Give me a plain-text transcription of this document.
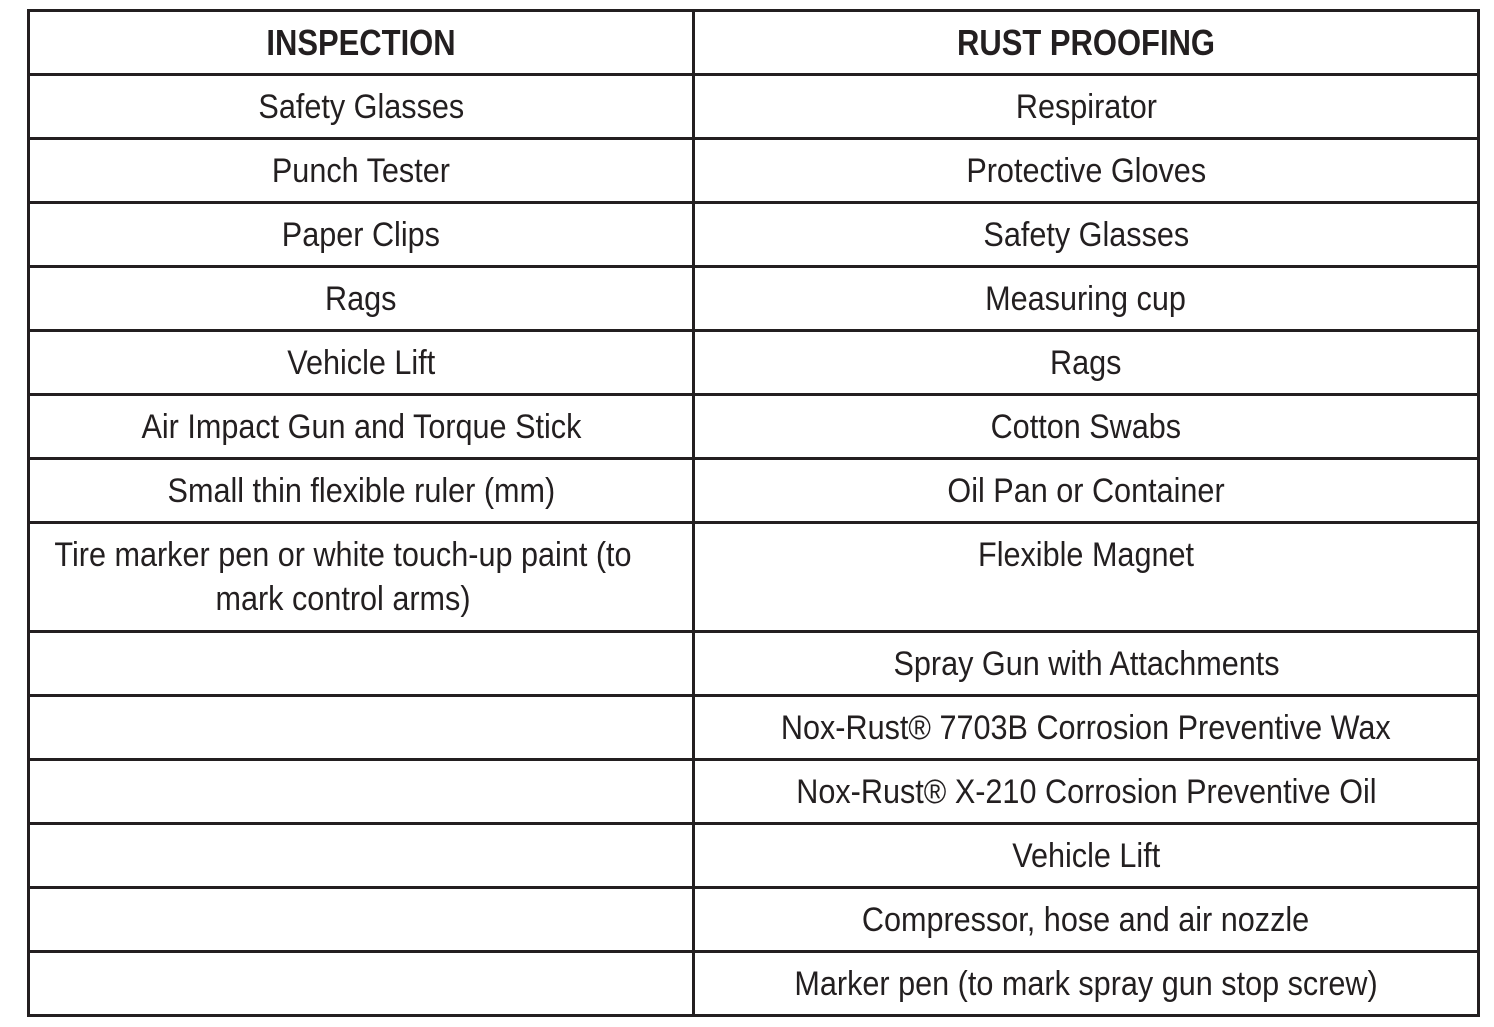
INSPECTION	RUST PROOFING
Safety Glasses	Respirator
Punch Tester	Protective Gloves
Paper Clips	Safety Glasses
Rags	Measuring cup
Vehicle Lift	Rags
Air Impact Gun and Torque Stick	Cotton Swabs
Small thin flexible ruler (mm)	Oil Pan or Container
Tire marker pen or white touch-up paint (to mark control arms)	Flexible Magnet
	Spray Gun with Attachments
	Nox-Rust® 7703B Corrosion Preventive Wax
	Nox-Rust® X-210 Corrosion Preventive Oil
	Vehicle Lift
	Compressor, hose and air nozzle
	Marker pen (to mark spray gun stop screw)
